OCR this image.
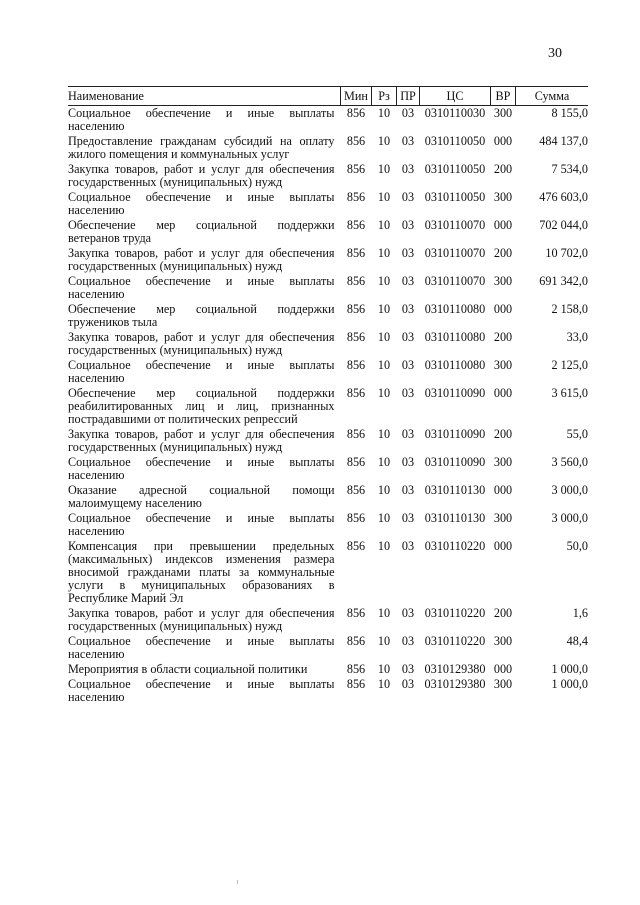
30
Наименование	Мин	Рз	ПР	ЦС	ВР	Сумма
Социальное обеспечение и иные выплаты населению	856	10	03	0310110030	300	8 155,0
Предоставление гражданам субсидий на оплату жилого помещения и коммунальных услуг	856	10	03	0310110050	000	484 137,0
Закупка товаров, работ и услуг для обеспечения государственных (муниципальных) нужд	856	10	03	0310110050	200	7 534,0
Социальное обеспечение и иные выплаты населению	856	10	03	0310110050	300	476 603,0
Обеспечение мер социальной поддержки ветеранов труда	856	10	03	0310110070	000	702 044,0
Закупка товаров, работ и услуг для обеспечения государственных (муниципальных) нужд	856	10	03	0310110070	200	10 702,0
Социальное обеспечение и иные выплаты населению	856	10	03	0310110070	300	691 342,0
Обеспечение мер социальной поддержки тружеников тыла	856	10	03	0310110080	000	2 158,0
Закупка товаров, работ и услуг для обеспечения государственных (муниципальных) нужд	856	10	03	0310110080	200	33,0
Социальное обеспечение и иные выплаты населению	856	10	03	0310110080	300	2 125,0
Обеспечение мер социальной поддержки реабилитированных лиц и лиц, признанных пострадавшими от политических репрессий	856	10	03	0310110090	000	3 615,0
Закупка товаров, работ и услуг для обеспечения государственных (муниципальных) нужд	856	10	03	0310110090	200	55,0
Социальное обеспечение и иные выплаты населению	856	10	03	0310110090	300	3 560,0
Оказание адресной социальной помощи малоимущему населению	856	10	03	0310110130	000	3 000,0
Социальное обеспечение и иные выплаты населению	856	10	03	0310110130	300	3 000,0
Компенсация при превышении предельных (максимальных) индексов изменения размера вносимой гражданами платы за коммунальные услуги в муниципальных образованиях в Республике Марий Эл	856	10	03	0310110220	000	50,0
Закупка товаров, работ и услуг для обеспечения государственных (муниципальных) нужд	856	10	03	0310110220	200	1,6
Социальное обеспечение и иные выплаты населению	856	10	03	0310110220	300	48,4
Мероприятия в области социальной политики	856	10	03	0310129380	000	1 000,0
Социальное обеспечение и иные выплаты населению	856	10	03	0310129380	300	1 000,0
